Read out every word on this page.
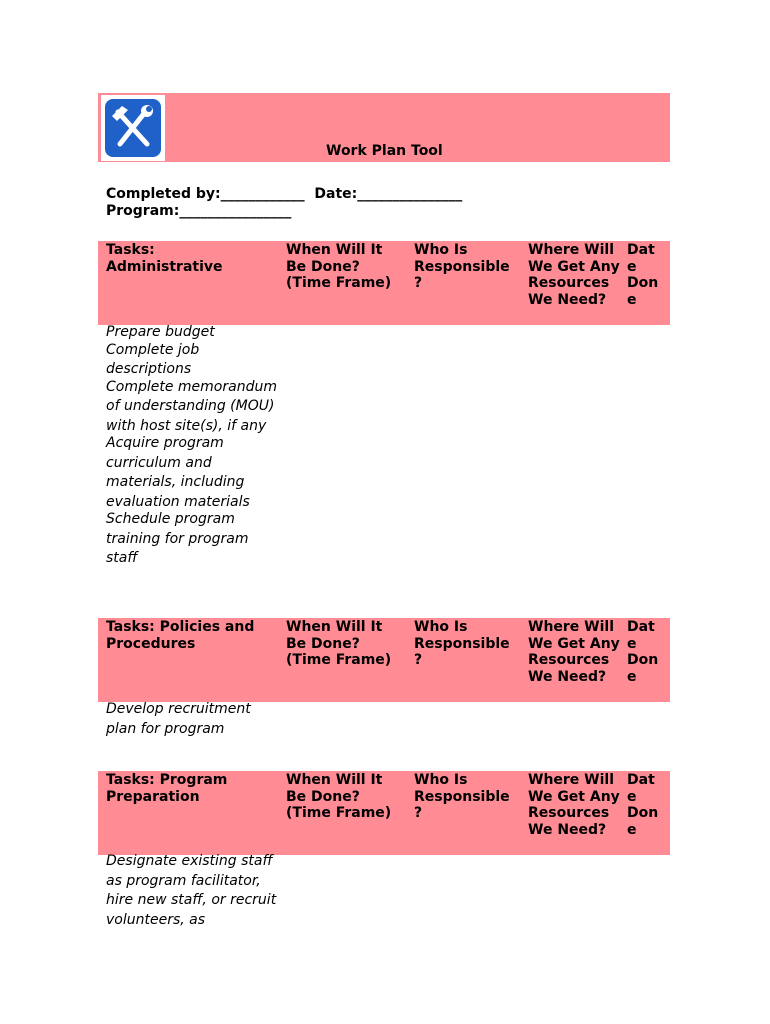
Work Plan Tool
Completed by:____________ Date:_______________
Program:________________
Tasks: Administrative
When Will It Be Done? (Time Frame)
Who Is Responsible ?
Where Will We Get Any Resources We Need?
Dat e Don e
Prepare budget
Complete job descriptions
Complete memorandum of understanding (MOU) with host site(s), if any
Acquire program curriculum and materials, including evaluation materials
Schedule program training for program staff
Tasks: Policies and Procedures
When Will It Be Done? (Time Frame)
Who Is Responsible ?
Where Will We Get Any Resources We Need?
Dat e Don e
Develop recruitment plan for program
Tasks: Program Preparation
When Will It Be Done? (Time Frame)
Who Is Responsible ?
Where Will We Get Any Resources We Need?
Dat e Don e
Designate existing staff as program facilitator, hire new staff, or recruit volunteers, as
